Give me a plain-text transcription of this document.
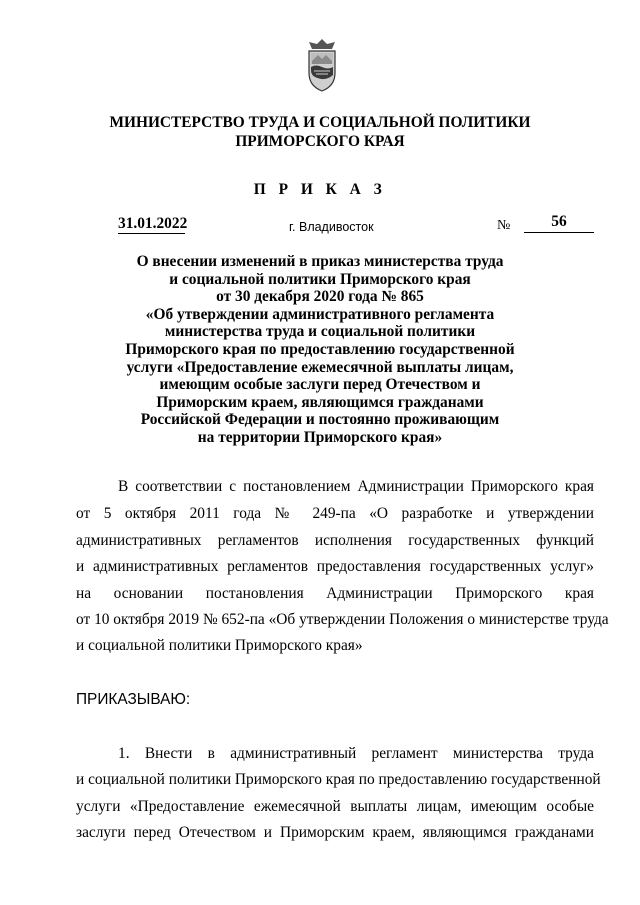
МИНИСТЕРСТВО ТРУДА И СОЦИАЛЬНОЙ ПОЛИТИКИ
ПРИМОРСКОГО КРАЯ
П Р И К А З
31.01.2022	г. Владивосток	№	56
О внесении изменений в приказ министерства труда
и социальной политики Приморского края
от 30 декабря 2020 года № 865
«Об утверждении административного регламента
министерства труда и социальной политики
Приморского края по предоставлению государственной
услуги «Предоставление ежемесячной выплаты лицам,
имеющим особые заслуги перед Отечеством и
Приморским краем, являющимся гражданами
Российской Федерации и постоянно проживающим
на территории Приморского края»
В соответствии с постановлением Администрации Приморского края
от 5 октября 2011 года № 249-па «О разработке и утверждении
административных регламентов исполнения государственных функций
и административных регламентов предоставления государственных услуг»
на основании постановления Администрации Приморского края
от 10 октября 2019 № 652-па «Об утверждении Положения о министерстве труда
и социальной политики Приморского края»
ПРИКАЗЫВАЮ:
1. Внести в административный регламент министерства труда
и социальной политики Приморского края по предоставлению государственной
услуги «Предоставление ежемесячной выплаты лицам, имеющим особые
заслуги перед Отечеством и Приморским краем, являющимся гражданами
